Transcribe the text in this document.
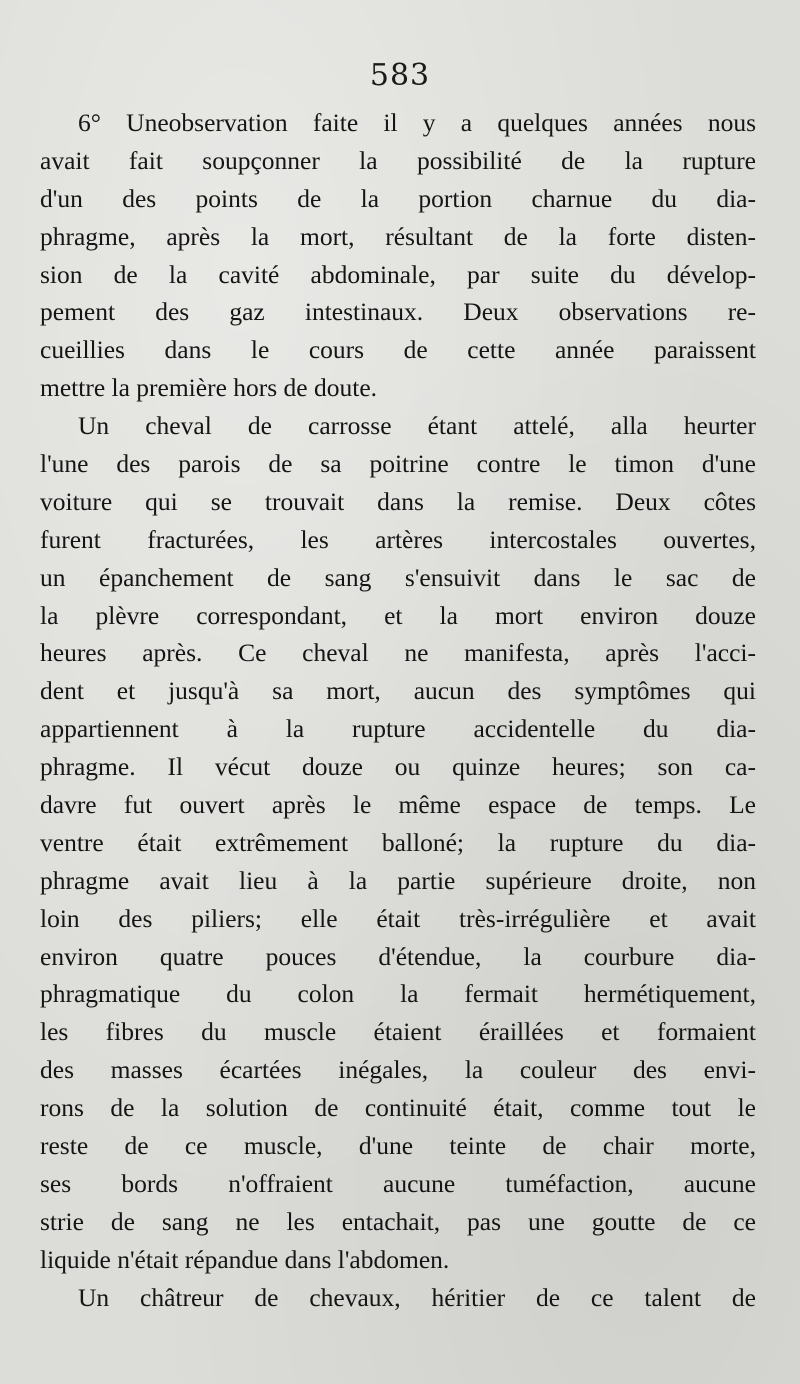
583
6° Uneobservation faite il y a quelques années nous
avait fait soupçonner la possibilité de la rupture
d'un des points de la portion charnue du dia-
phragme, après la mort, résultant de la forte disten-
sion de la cavité abdominale, par suite du dévelop-
pement des gaz intestinaux. Deux observations re-
cueillies dans le cours de cette année paraissent
mettre la première hors de doute.
Un cheval de carrosse étant attelé, alla heurter
l'une des parois de sa poitrine contre le timon d'une
voiture qui se trouvait dans la remise. Deux côtes
furent fracturées, les artères intercostales ouvertes,
un épanchement de sang s'ensuivit dans le sac de
la plèvre correspondant, et la mort environ douze
heures après. Ce cheval ne manifesta, après l'acci-
dent et jusqu'à sa mort, aucun des symptômes qui
appartiennent à la rupture accidentelle du dia-
phragme. Il vécut douze ou quinze heures; son ca-
davre fut ouvert après le même espace de temps. Le
ventre était extrêmement balloné; la rupture du dia-
phragme avait lieu à la partie supérieure droite, non
loin des piliers; elle était très-irrégulière et avait
environ quatre pouces d'étendue, la courbure dia-
phragmatique du colon la fermait hermétiquement,
les fibres du muscle étaient éraillées et formaient
des masses écartées inégales, la couleur des envi-
rons de la solution de continuité était, comme tout le
reste de ce muscle, d'une teinte de chair morte,
ses bords n'offraient aucune tuméfaction, aucune
strie de sang ne les entachait, pas une goutte de ce
liquide n'était répandue dans l'abdomen.
Un châtreur de chevaux, héritier de ce talent de
